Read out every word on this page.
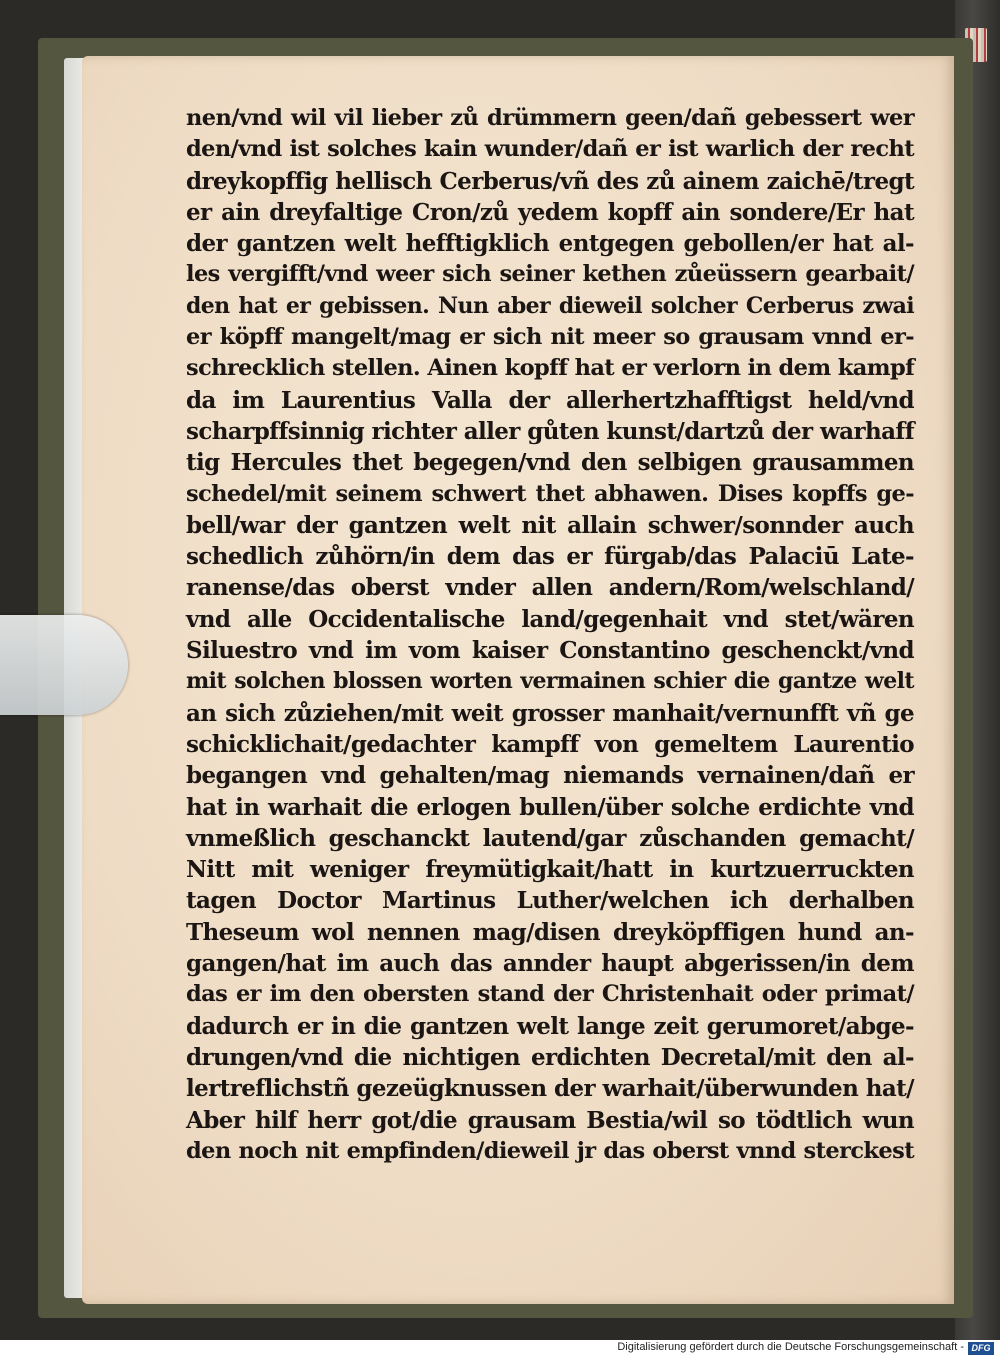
nen/vnd wil vil lieber zů drümmern geen/dañ gebessert wer
den/vnd ist solches kain wunder/dañ er ist warlich der recht
dreykopffig hellisch Cerberus/vñ des zů ainem zaichē/tregt
er ain dreyfaltige Cron/zů yedem kopff ain sondere/Er hat
der gantzen welt hefftigklich entgegen gebollen/er hat al-
les vergifft/vnd weer sich seiner kethen zůeüssern gearbait/
den hat er gebissen. Nun aber dieweil solcher Cerberus zwai
er köpff mangelt/mag er sich nit meer so grausam vnnd er-
schrecklich stellen. Ainen kopff hat er verlorn in dem kampf
da im Laurentius Valla der allerhertzhafftigst held/vnd
scharpffsinnig richter aller gůten kunst/dartzů der warhaff
tig Hercules thet begegen/vnd den selbigen grausammen
schedel/mit seinem schwert thet abhawen. Dises kopffs ge-
bell/war der gantzen welt nit allain schwer/sonnder auch
schedlich zůhörn/in dem das er fürgab/das Palaciū Late-
ranense/das oberst vnder allen andern/Rom/welschland/
vnd alle Occidentalische land/gegenhait vnd stet/wären
Siluestro vnd im vom kaiser Constantino geschenckt/vnd
mit solchen blossen worten vermainen schier die gantze welt
an sich zůziehen/mit weit grosser manhait/vernunfft vñ ge
schicklichait/gedachter kampff von gemeltem Laurentio
begangen vnd gehalten/mag niemands vernainen/dañ er
hat in warhait die erlogen bullen/über solche erdichte vnd
vnmeßlich geschanckt lautend/gar zůschanden gemacht/
Nitt mit weniger freymütigkait/hatt in kurtzuerruckten
tagen Doctor Martinus Luther/welchen ich derhalben
Theseum wol nennen mag/disen dreyköpffigen hund an-
gangen/hat im auch das annder haupt abgerissen/in dem
das er im den obersten stand der Christenhait oder primat/
dadurch er in die gantzen welt lange zeit gerumoret/abge-
drungen/vnd die nichtigen erdichten Decretal/mit den al-
lertreflichstñ gezeügknussen der warhait/überwunden hat/
Aber hilf herr got/die grausam Bestia/wil so tödtlich wun
den noch nit empfinden/dieweil jr das oberst vnnd sterckest
Digitalisierung gefördert durch die Deutsche Forschungsgemeinschaft - DFG
